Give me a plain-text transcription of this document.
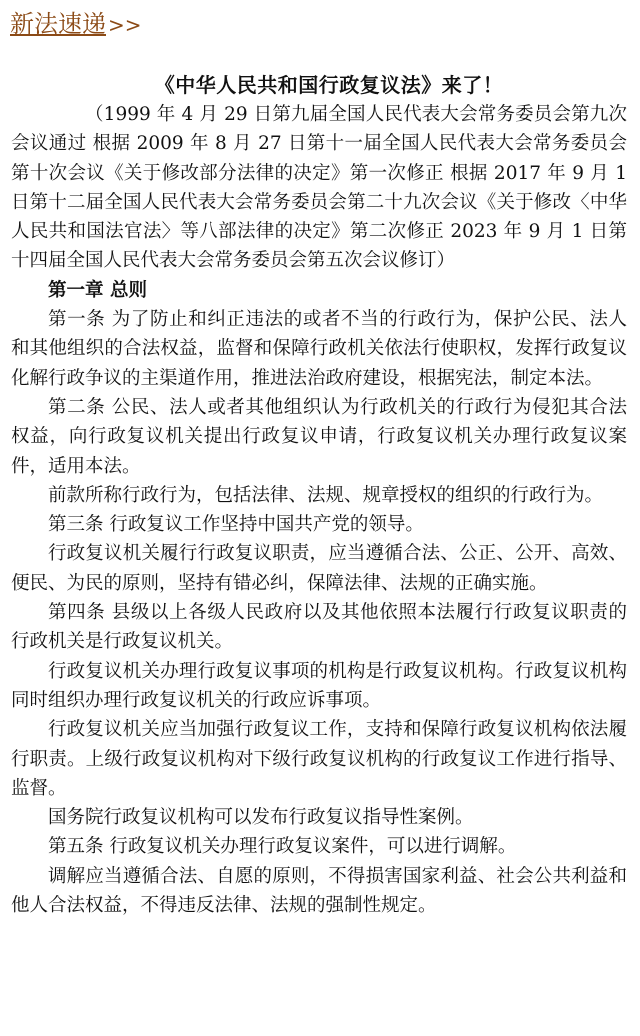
新法速递 >>

《中华人民共和国行政复议法》来了！

（1999 年 4 月 29 日第九届全国人民代表大会常务委员会第九次会议通过 根据 2009 年 8 月 27 日第十一届全国人民代表大会常务委员会第十次会议《关于修改部分法律的决定》第一次修正 根据 2017 年 9 月 1 日第十二届全国人民代表大会常务委员会第二十九次会议《关于修改〈中华人民共和国法官法〉等八部法律的决定》第二次修正 2023 年 9 月 1 日第十四届全国人民代表大会常务委员会第五次会议修订）

第一章 总则

第一条 为了防止和纠正违法的或者不当的行政行为，保护公民、法人和其他组织的合法权益，监督和保障行政机关依法行使职权，发挥行政复议化解行政争议的主渠道作用，推进法治政府建设，根据宪法，制定本法。

第二条 公民、法人或者其他组织认为行政机关的行政行为侵犯其合法权益，向行政复议机关提出行政复议申请，行政复议机关办理行政复议案件，适用本法。

前款所称行政行为，包括法律、法规、规章授权的组织的行政行为。

第三条 行政复议工作坚持中国共产党的领导。

行政复议机关履行行政复议职责，应当遵循合法、公正、公开、高效、便民、为民的原则，坚持有错必纠，保障法律、法规的正确实施。

第四条 县级以上各级人民政府以及其他依照本法履行行政复议职责的行政机关是行政复议机关。

行政复议机关办理行政复议事项的机构是行政复议机构。行政复议机构同时组织办理行政复议机关的行政应诉事项。

行政复议机关应当加强行政复议工作，支持和保障行政复议机构依法履行职责。上级行政复议机构对下级行政复议机构的行政复议工作进行指导、监督。

国务院行政复议机构可以发布行政复议指导性案例。

第五条 行政复议机关办理行政复议案件，可以进行调解。

调解应当遵循合法、自愿的原则，不得损害国家利益、社会公共利益和他人合法权益，不得违反法律、法规的强制性规定。
